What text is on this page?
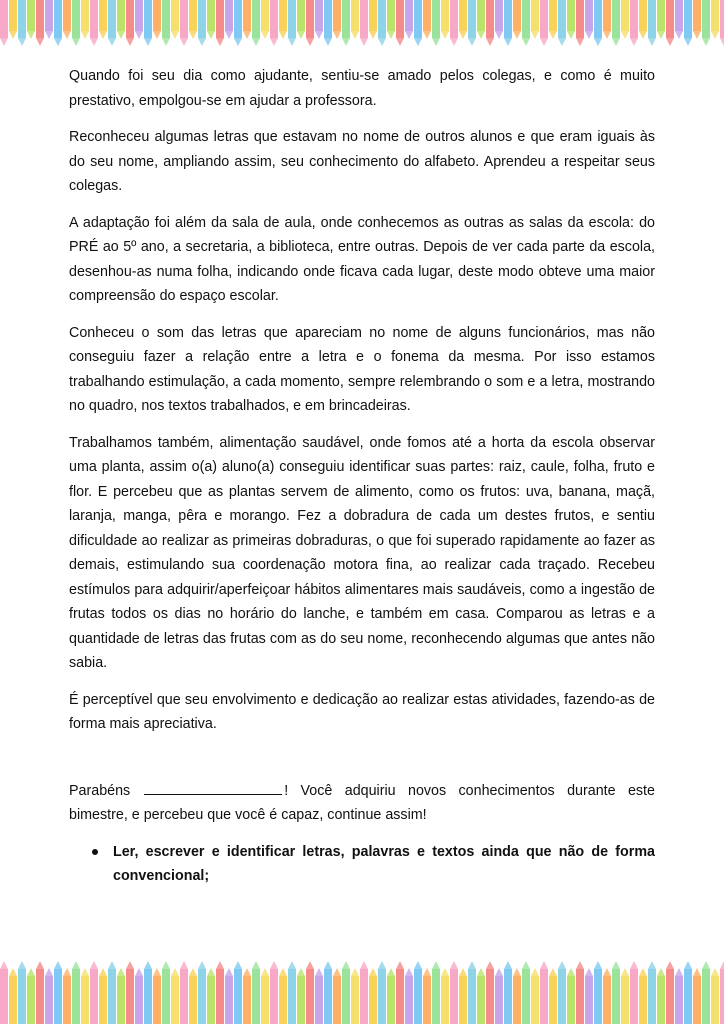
Quando foi seu dia como ajudante, sentiu-se amado pelos colegas, e como é muito prestativo, empolgou-se em ajudar a professora.

Reconheceu algumas letras que estavam no nome de outros alunos e que eram iguais às do seu nome, ampliando assim, seu conhecimento do alfabeto. Aprendeu a respeitar seus colegas.

A adaptação foi além da sala de aula, onde conhecemos as outras as salas da escola: do PRÉ ao 5º ano, a secretaria, a biblioteca, entre outras. Depois de ver cada parte da escola, desenhou-as numa folha, indicando onde ficava cada lugar, deste modo obteve uma maior compreensão do espaço escolar.

Conheceu o som das letras que apareciam no nome de alguns funcionários, mas não conseguiu fazer a relação entre a letra e o fonema da mesma. Por isso estamos trabalhando estimulação, a cada momento, sempre relembrando o som e a letra, mostrando no quadro, nos textos trabalhados, e em brincadeiras.

Trabalhamos também, alimentação saudável, onde fomos até a horta da escola observar uma planta, assim o(a) aluno(a) conseguiu identificar suas partes: raiz, caule, folha, fruto e flor. E percebeu que as plantas servem de alimento, como os frutos: uva, banana, maçã, laranja, manga, pêra e morango. Fez a dobradura de cada um destes frutos, e sentiu dificuldade ao realizar as primeiras dobraduras, o que foi superado rapidamente ao fazer as demais, estimulando sua coordenação motora fina, ao realizar cada traçado. Recebeu estímulos para adquirir/aperfeiçoar hábitos alimentares mais saudáveis, como a ingestão de frutas todos os dias no horário do lanche, e também em casa. Comparou as letras e a quantidade de letras das frutas com as do seu nome, reconhecendo algumas que antes não sabia.

É perceptível que seu envolvimento e dedicação ao realizar estas atividades, fazendo-as de forma mais apreciativa.

Parabéns	! Você adquiriu novos conhecimentos durante este bimestre, e percebeu que você é capaz, continue assim!

Ler, escrever e identificar letras, palavras e textos ainda que não de forma convencional;
